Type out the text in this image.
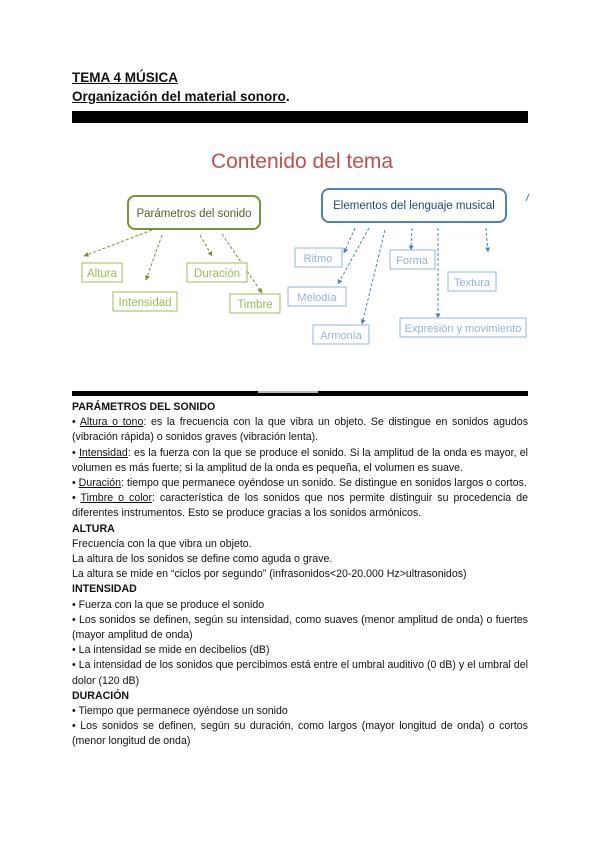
TEMA 4 MÚSICA
Organización del material sonoro.
Contenido del tema
Parámetros del sonido
Elementos del lenguaje musical
Altura	Duración
Intensidad	Timbre
Ritmo	Forma
Textura
Melodía
Expresión y movimiento
Armonía

PARÁMETROS DEL SONIDO

• Altura o tono: es la frecuencia con la que vibra un objeto. Se distingue en sonidos agudos (vibración rápida) o sonidos graves (vibración lenta).

• Intensidad: es la fuerza con la que se produce el sonido. Si la amplitud de la onda es mayor, el volumen es más fuerte; si la amplitud de la onda es pequeña, el volumen es suave.

• Duración: tiempo que permanece oyéndose un sonido. Se distingue en sonidos largos o cortos.

• Timbre o color: característica de los sonidos que nos permite distinguir su procedencia de diferentes instrumentos. Esto se produce gracias a los sonidos armónicos.

ALTURA

Frecuencia con la que vibra un objeto.

La altura de los sonidos se define como aguda o grave.

La altura se mide en “ciclos por segundo” (infrasonidos<20-20.000 Hz>ultrasonidos)

INTENSIDAD

• Fuerza con la que se produce el sonido

• Los sonidos se definen, según su intensidad, como suaves (menor amplitud de onda) o fuertes (mayor amplitud de onda)

• La intensidad se mide en decibelios (dB)

• La intensidad de los sonidos que percibimos está entre el umbral auditivo (0 dB) y el umbral del dolor (120 dB)

DURACIÓN

• Tiempo que permanece oyéndose un sonido

• Los sonidos se definen, según su duración, como largos (mayor longitud de onda) o cortos (menor longitud de onda)
